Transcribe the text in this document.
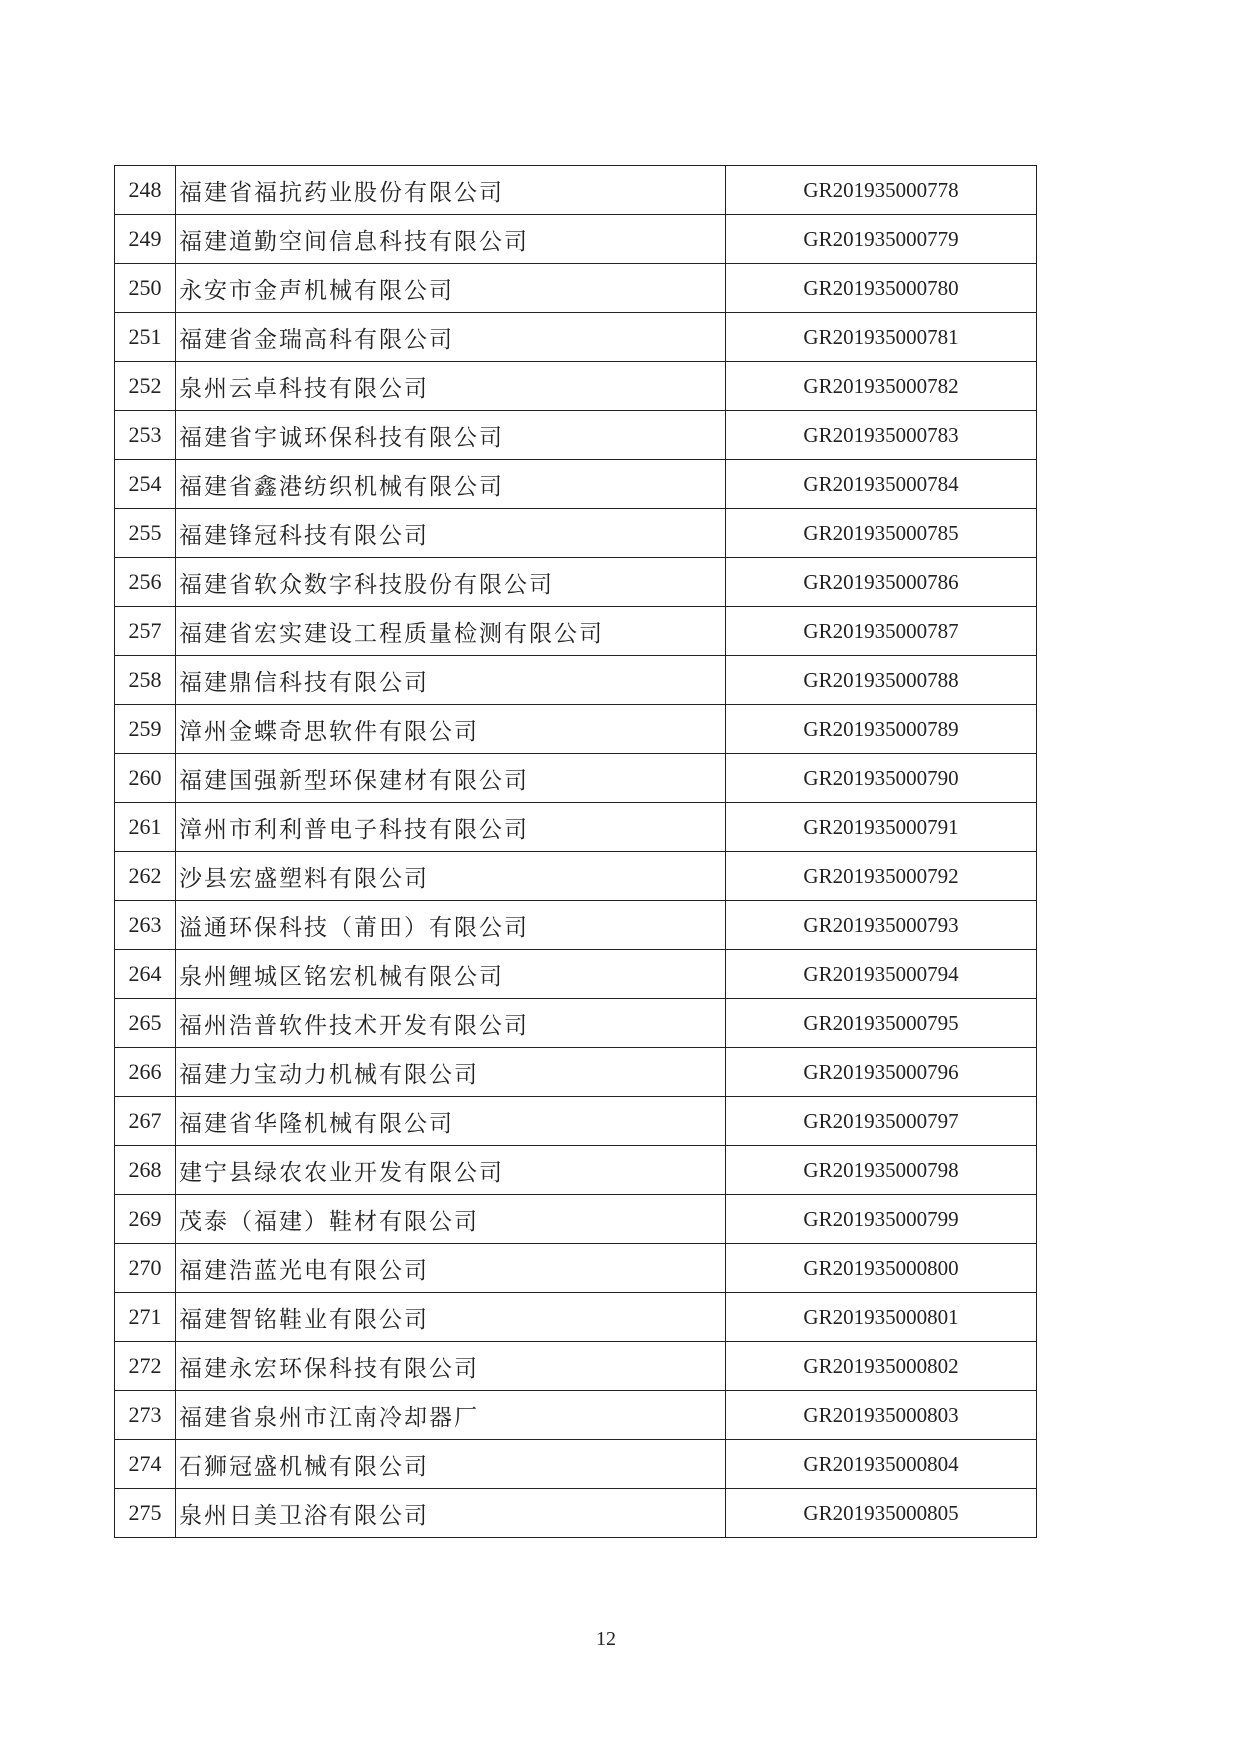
248	福建省福抗药业股份有限公司	GR201935000778
249	福建道勤空间信息科技有限公司	GR201935000779
250	永安市金声机械有限公司	GR201935000780
251	福建省金瑞高科有限公司	GR201935000781
252	泉州云卓科技有限公司	GR201935000782
253	福建省宇诚环保科技有限公司	GR201935000783
254	福建省鑫港纺织机械有限公司	GR201935000784
255	福建锋冠科技有限公司	GR201935000785
256	福建省软众数字科技股份有限公司	GR201935000786
257	福建省宏实建设工程质量检测有限公司	GR201935000787
258	福建鼎信科技有限公司	GR201935000788
259	漳州金蝶奇思软件有限公司	GR201935000789
260	福建国强新型环保建材有限公司	GR201935000790
261	漳州市利利普电子科技有限公司	GR201935000791
262	沙县宏盛塑料有限公司	GR201935000792
263	溢通环保科技（莆田）有限公司	GR201935000793
264	泉州鲤城区铭宏机械有限公司	GR201935000794
265	福州浩普软件技术开发有限公司	GR201935000795
266	福建力宝动力机械有限公司	GR201935000796
267	福建省华隆机械有限公司	GR201935000797
268	建宁县绿农农业开发有限公司	GR201935000798
269	茂泰（福建）鞋材有限公司	GR201935000799
270	福建浩蓝光电有限公司	GR201935000800
271	福建智铭鞋业有限公司	GR201935000801
272	福建永宏环保科技有限公司	GR201935000802
273	福建省泉州市江南冷却器厂	GR201935000803
274	石狮冠盛机械有限公司	GR201935000804
275	泉州日美卫浴有限公司	GR201935000805
12
